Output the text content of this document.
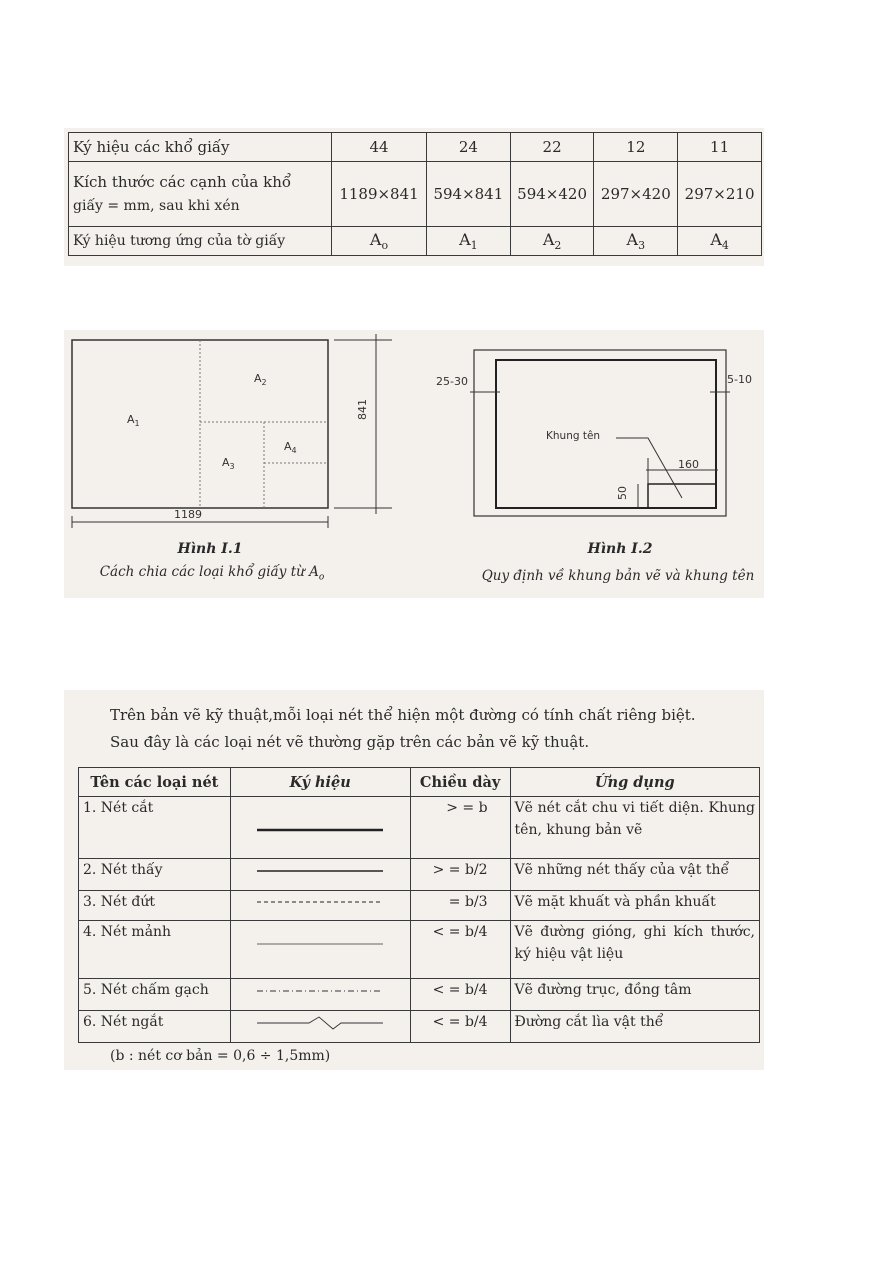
Ký hiệu các khổ giấy	44	24	22	12	11

Kích thước các cạnh của khổ
giấy = mm, sau khi xén	1189×841	594×841	594×420	297×420	297×210
Ký hiệu tương ứng của tờ giấy	$A_o$	$A_1$	$A_2$	$A_3$	$A_4$
$A_1$
$A_2$
$A_3$
$A_4$
1189
841
Hình I.1
Cách chia các loại khổ giấy từ $A_o$
25-30	5-10
Khung tên
160
50
Hình I.2
Quy định về khung bản vẽ và khung tên
Trên bản vẽ kỹ thuật,mỗi loại nét thể hiện một đường có tính chất riêng biệt.
Sau đây là các loại nét vẽ thường gặp trên các bản vẽ kỹ thuật.
Tên các loại nét	Ký hiệu	Chiều dày	Ứng dụng
1. Nét cắt		> = b	Vẽ nét cắt chu vi tiết diện. Khung tên, khung bản vẽ
2. Nét thấy		> = b/2	Vẽ những nét thấy của vật thể
3. Nét đứt		= b/3	Vẽ mặt khuất và phần khuất
4. Nét mảnh		< = b/4	Vẽ đường gióng, ghi kích thước, ký hiệu vật liệu
5. Nét chấm gạch		< = b/4	Vẽ đường trục, đồng tâm
6. Nét ngắt		< = b/4	Đường cắt lìa vật thể
(b : nét cơ bản = 0,6 ÷ 1,5mm)
